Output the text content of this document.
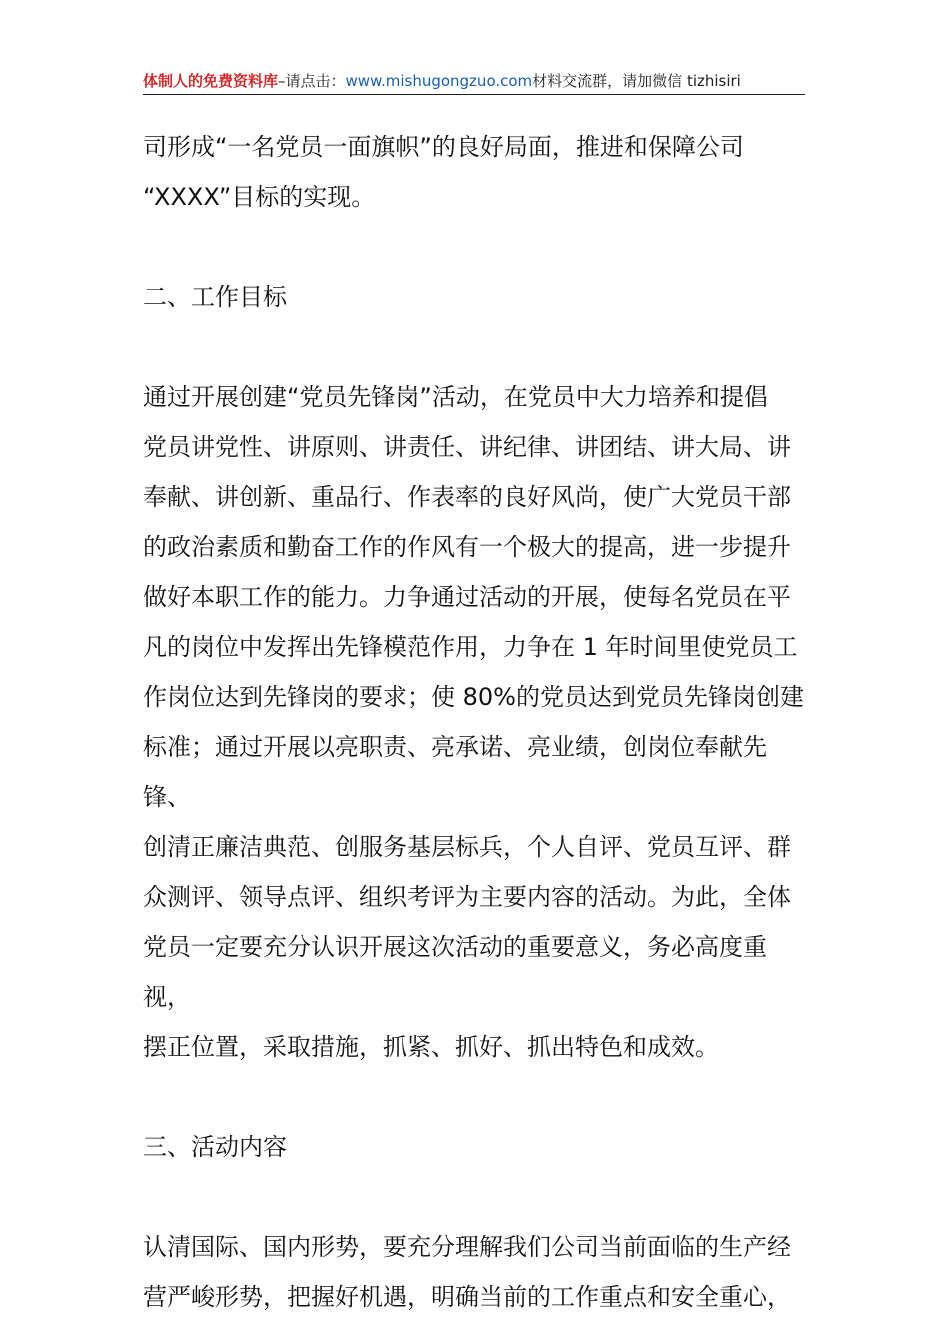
体制人的免费资料库–请点击：www.mishugongzuo.com材料交流群，请加微信 tizhisiri

司形成“一名党员一面旗帜”的良好局面，推进和保障公司

“XXXX”目标的实现。

二、工作目标

通过开展创建“党员先锋岗”活动，在党员中大力培养和提倡

党员讲党性、讲原则、讲责任、讲纪律、讲团结、讲大局、讲

奉献、讲创新、重品行、作表率的良好风尚，使广大党员干部

的政治素质和勤奋工作的作风有一个极大的提高，进一步提升

做好本职工作的能力。力争通过活动的开展，使每名党员在平

凡的岗位中发挥出先锋模范作用，力争在 1 年时间里使党员工

作岗位达到先锋岗的要求；使 80%的党员达到党员先锋岗创建

标准；通过开展以亮职责、亮承诺、亮业绩，创岗位奉献先锋、

创清正廉洁典范、创服务基层标兵，个人自评、党员互评、群

众测评、领导点评、组织考评为主要内容的活动。为此，全体

党员一定要充分认识开展这次活动的重要意义，务必高度重视，

摆正位置，采取措施，抓紧、抓好、抓出特色和成效。

三、活动内容

认清国际、国内形势，要充分理解我们公司当前面临的生产经

营严峻形势，把握好机遇，明确当前的工作重点和安全重心，
